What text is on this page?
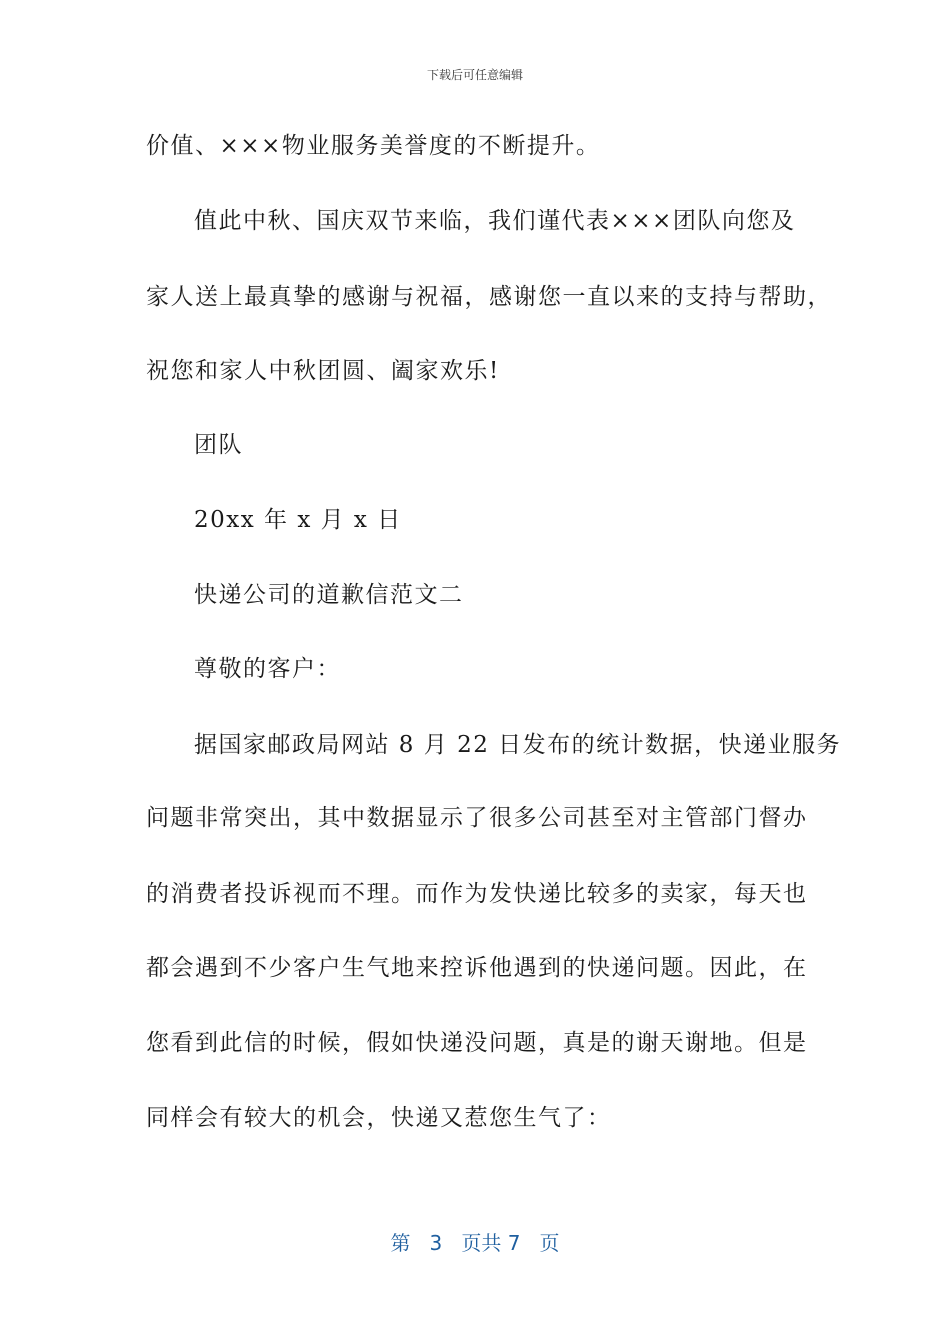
下载后可任意编辑
价值、×××物业服务美誉度的不断提升。
值此中秋、国庆双节来临，我们谨代表×××团队向您及
家人送上最真挚的感谢与祝福，感谢您一直以来的支持与帮助，
祝您和家人中秋团圆、阖家欢乐!
团队
20xx 年 x 月 x 日
快递公司的道歉信范文二
尊敬的客户：
据国家邮政局网站 8 月 22 日发布的统计数据，快递业服务
问题非常突出，其中数据显示了很多公司甚至对主管部门督办
的消费者投诉视而不理。而作为发快递比较多的卖家，每天也
都会遇到不少客户生气地来控诉他遇到的快递问题。因此，在
您看到此信的时候，假如快递没问题，真是的谢天谢地。但是
同样会有较大的机会，快递又惹您生气了：
第 3 页共 7 页
